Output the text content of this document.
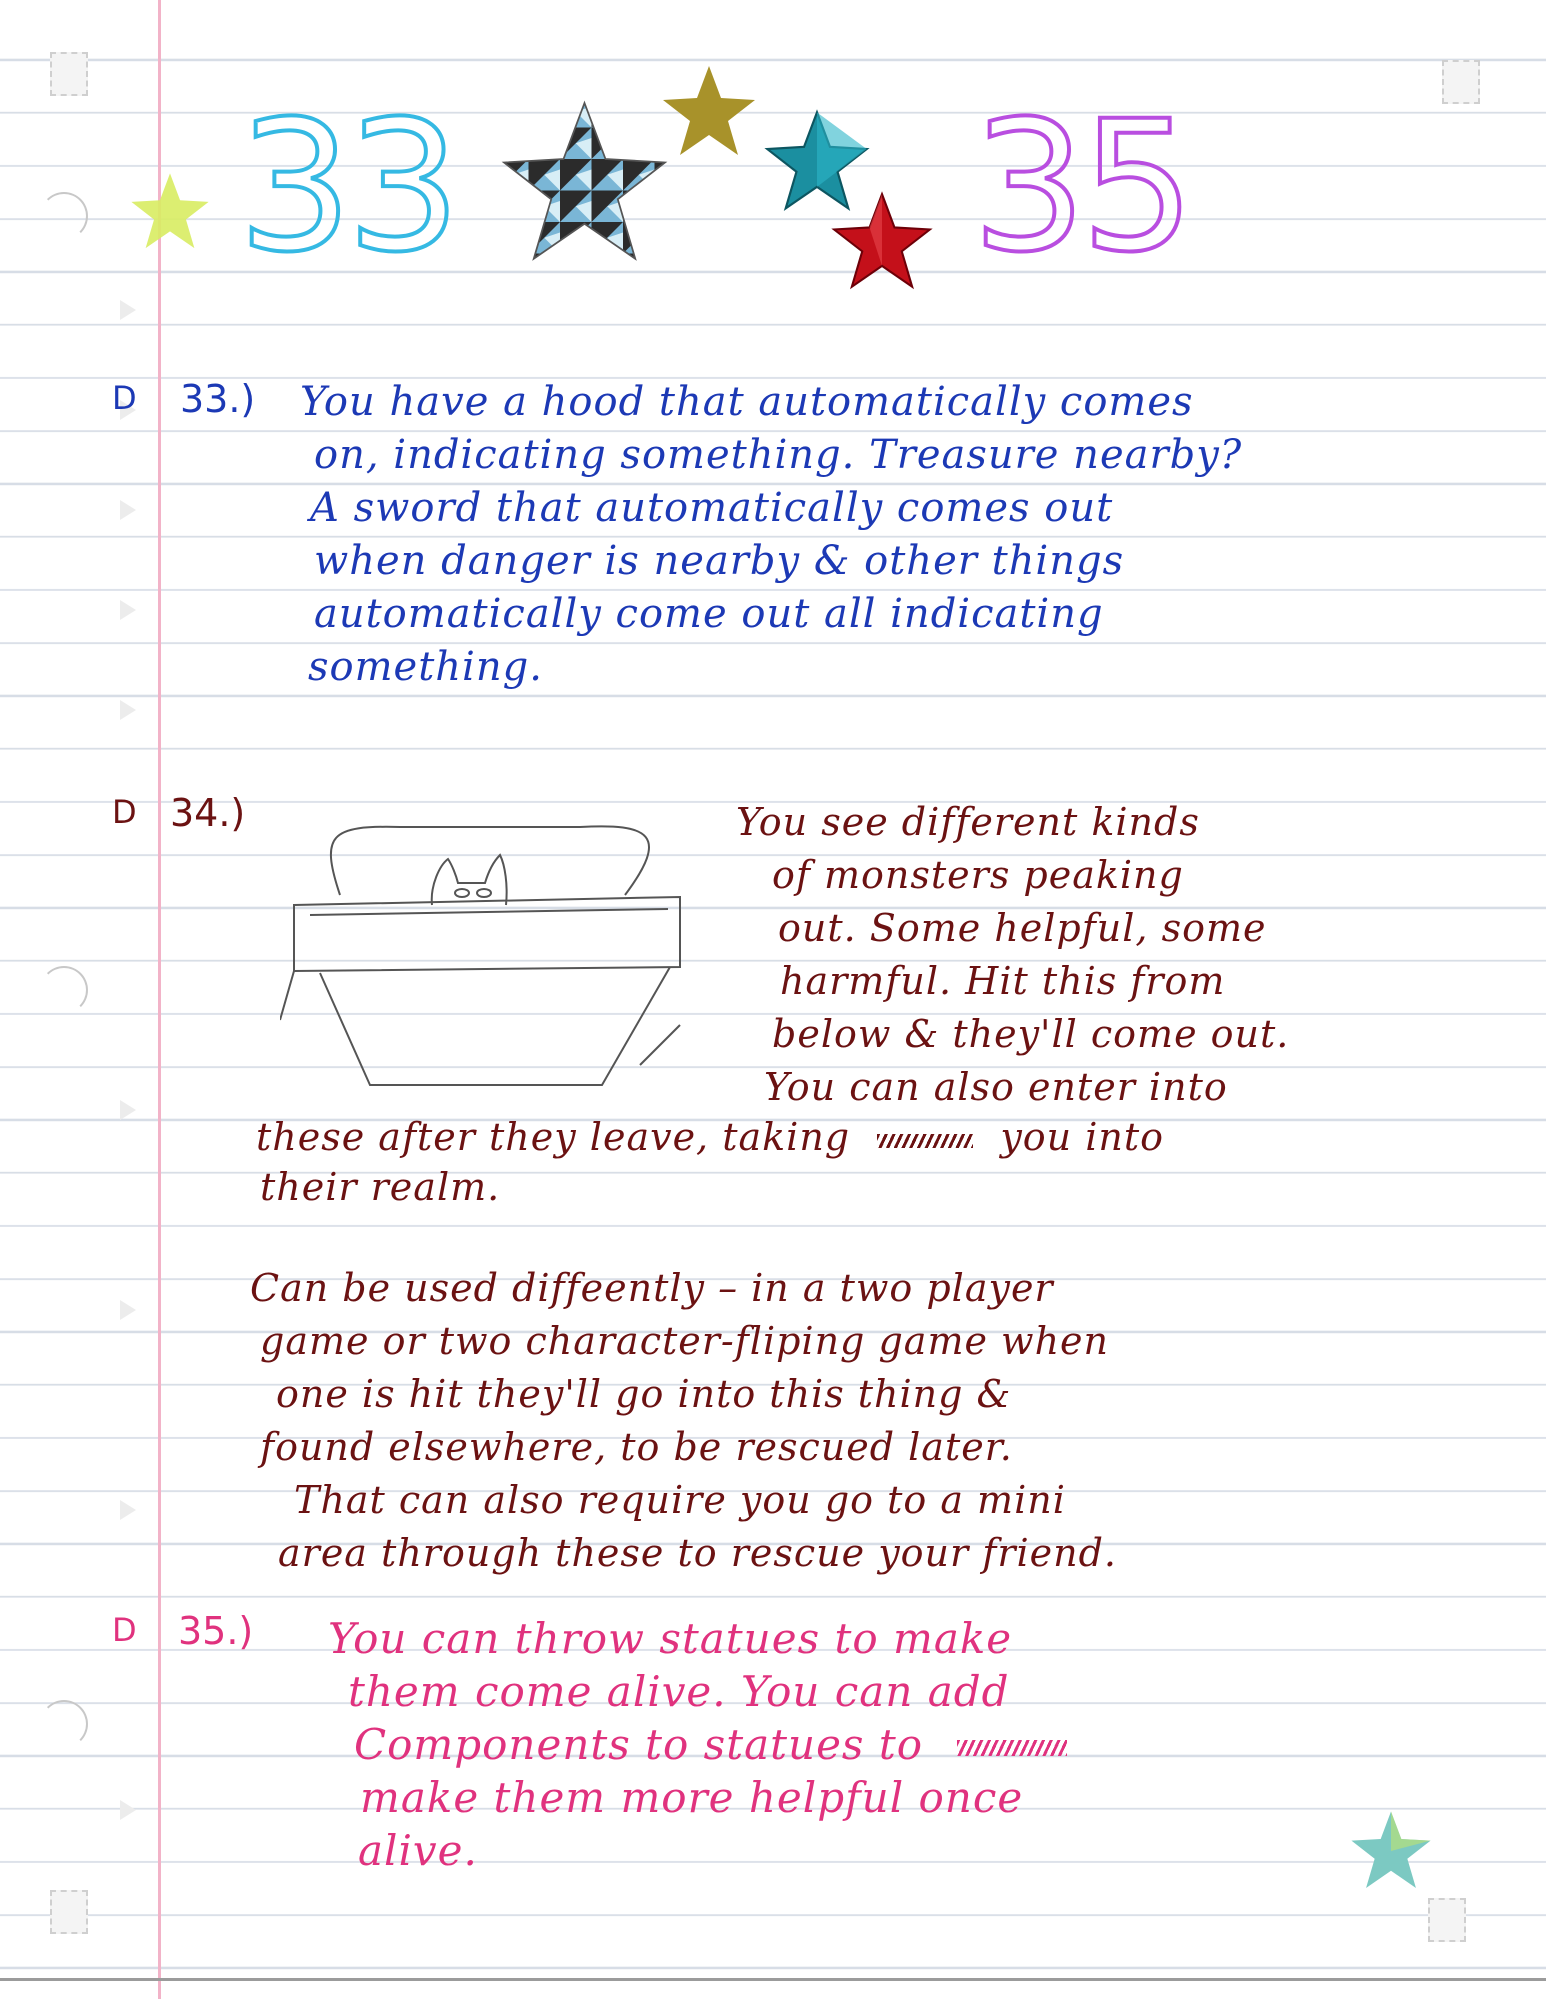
33	35
D 33.) You have a hood that automatically comes
on, indicating something. Treasure nearby?
A sword that automatically comes out
when danger is nearby & other things
automatically come out all indicating
something.
D 34.)	You see different kinds
of monsters peaking
out. Some helpful, some
harmful. Hit this from
below & they'll come out.
You can also enter into
these after they leave, taking	you into
their realm.
Can be used diffeently – in a two player
game or two character-fliping game when
one is hit they'll go into this thing &
found elsewhere, to be rescued later.
That can also require you go to a mini
area through these to rescue your friend.
D 35.) You can throw statues to make
them come alive. You can add
Components to statues to
make them more helpful once
alive.
